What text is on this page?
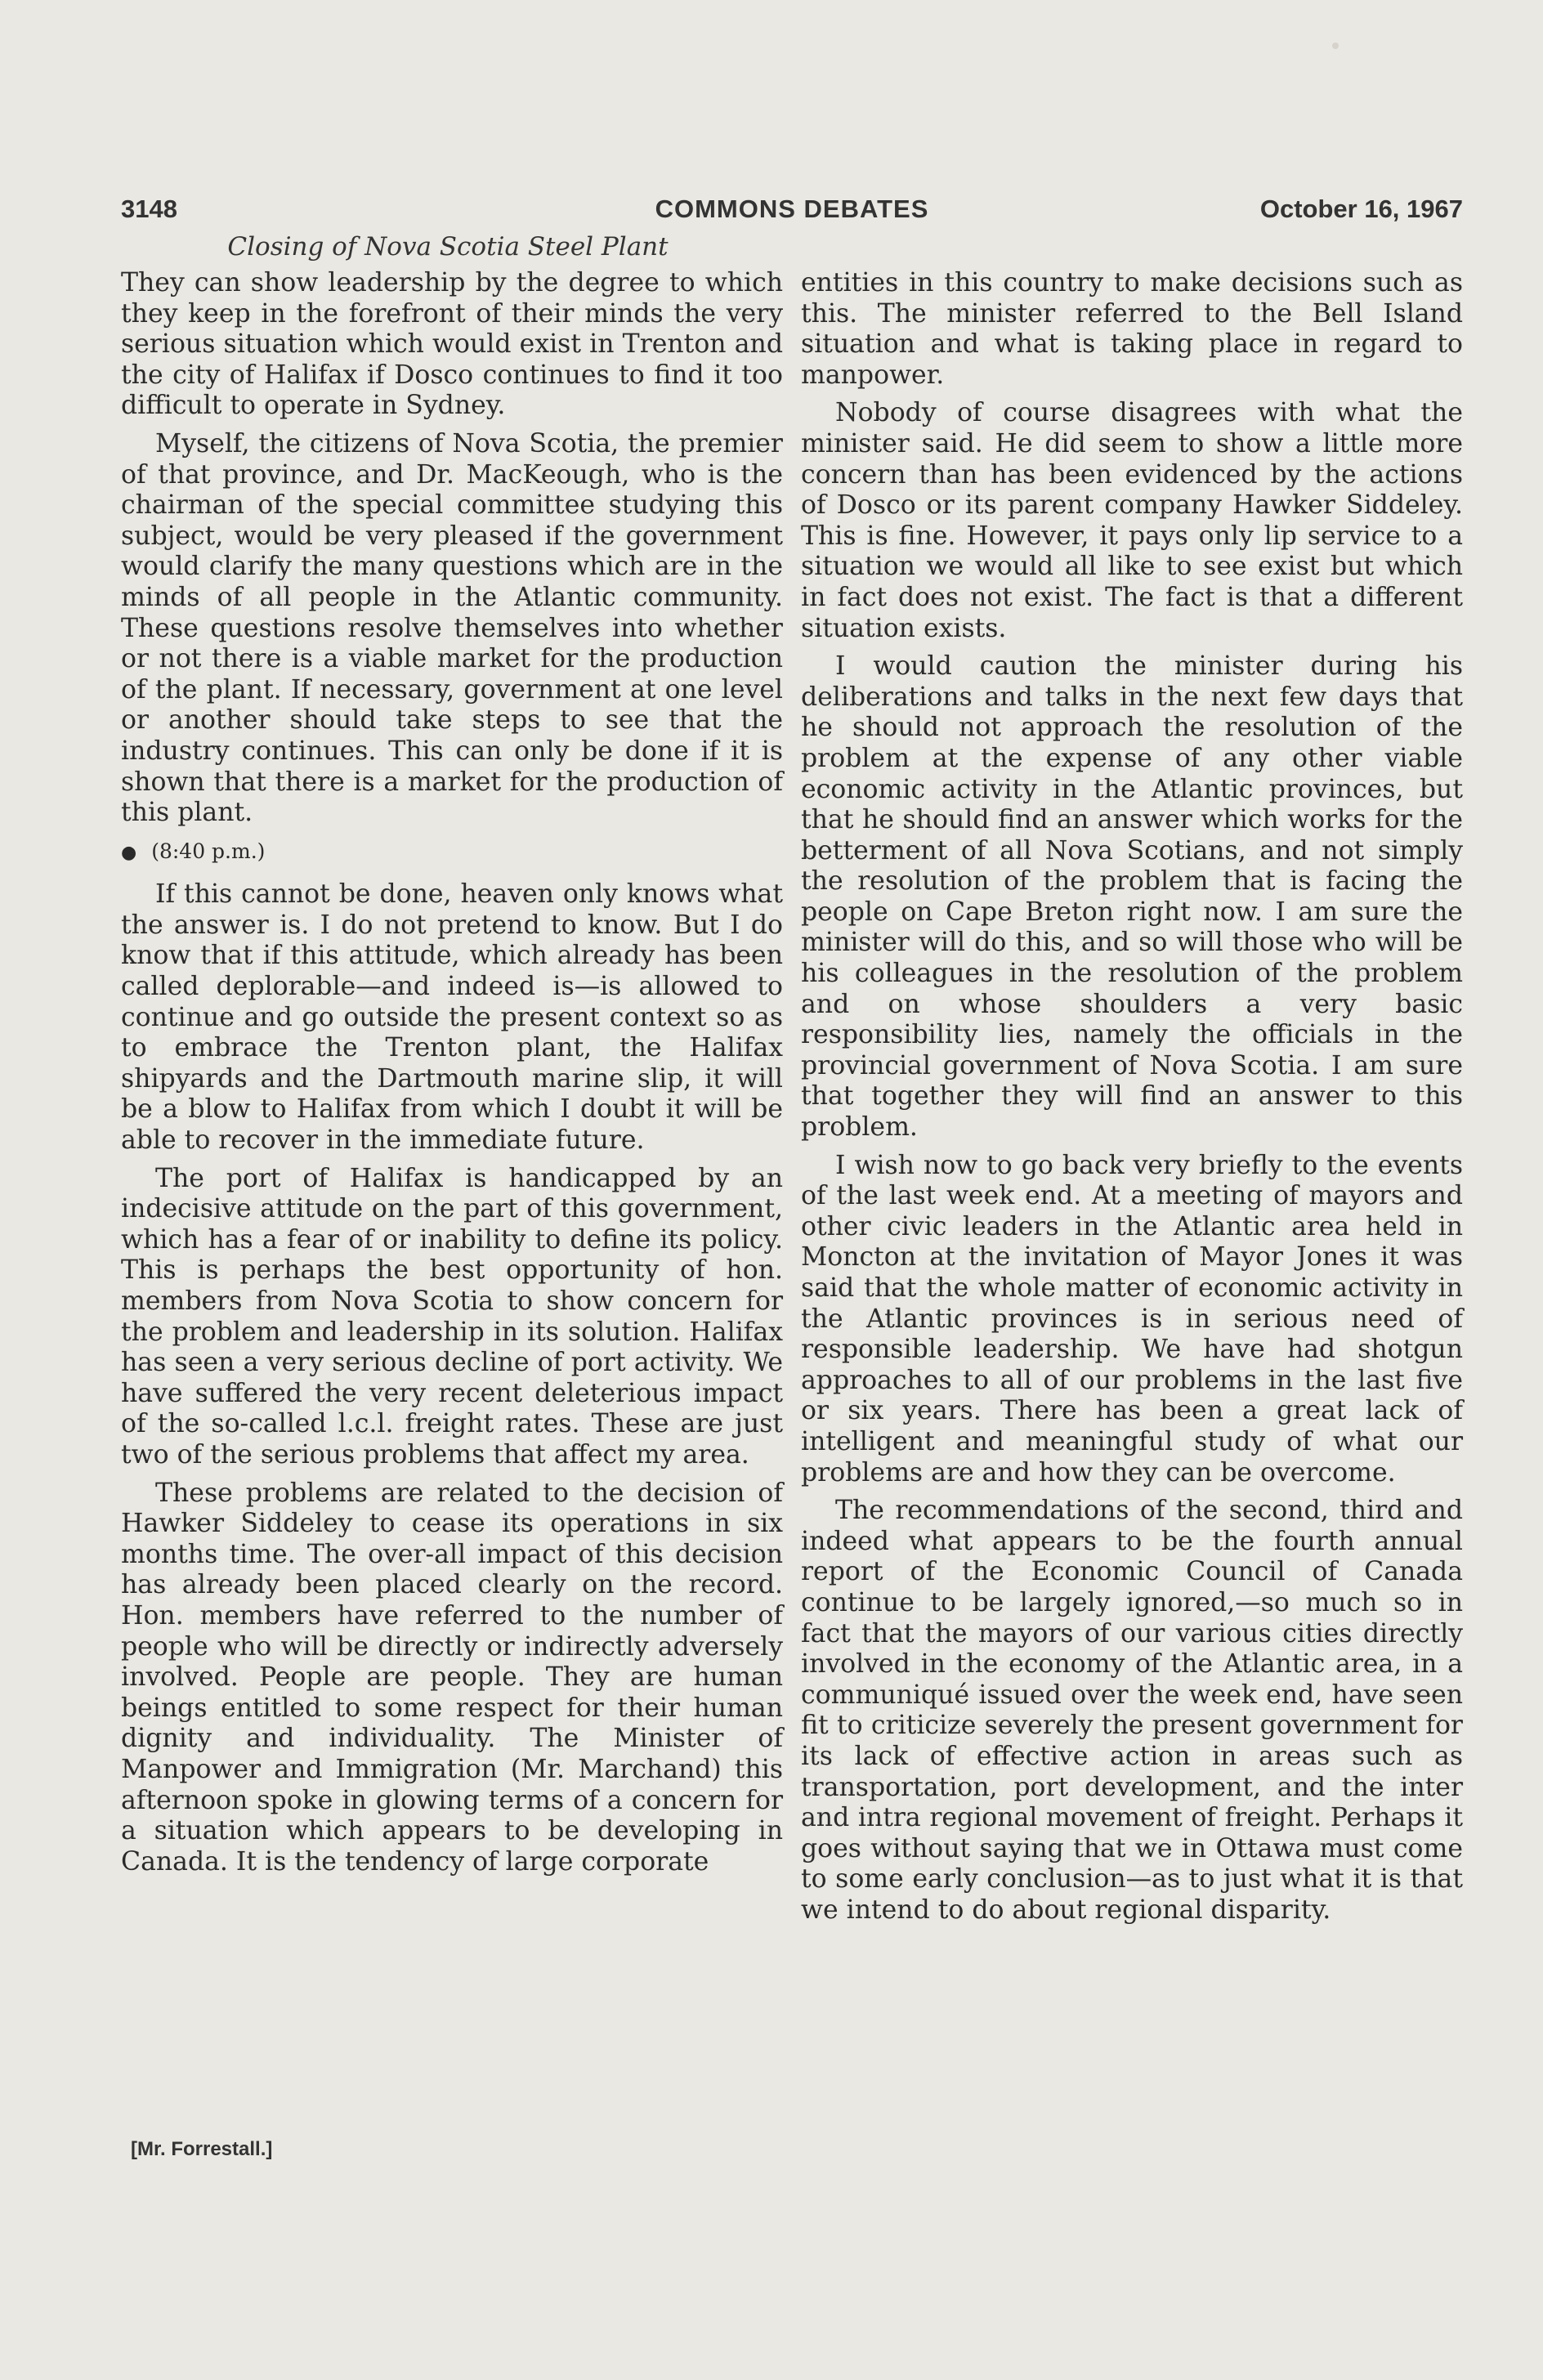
3148	COMMONS DEBATES	October 16, 1967
Closing of Nova Scotia Steel Plant

They can show leadership by the degree to which they keep in the forefront of their minds the very serious situation which would exist in Trenton and the city of Halifax if Dosco continues to find it too difficult to operate in Sydney.

Myself, the citizens of Nova Scotia, the premier of that province, and Dr. MacKeough, who is the chairman of the special committee studying this subject, would be very pleased if the government would clarify the many questions which are in the minds of all people in the Atlantic community. These questions resolve themselves into whether or not there is a viable market for the production of the plant. If necessary, government at one level or another should take steps to see that the industry continues. This can only be done if it is shown that there is a market for the production of this plant.

● (8:40 p.m.)

If this cannot be done, heaven only knows what the answer is. I do not pretend to know. But I do know that if this attitude, which already has been called deplorable—and indeed is—is allowed to continue and go outside the present context so as to embrace the Trenton plant, the Halifax shipyards and the Dartmouth marine slip, it will be a blow to Halifax from which I doubt it will be able to recover in the immediate future.

The port of Halifax is handicapped by an indecisive attitude on the part of this government, which has a fear of or inability to define its policy. This is perhaps the best opportunity of hon. members from Nova Scotia to show concern for the problem and leadership in its solution. Halifax has seen a very serious decline of port activity. We have suffered the very recent deleterious impact of the so-called l.c.l. freight rates. These are just two of the serious problems that affect my area.

These problems are related to the decision of Hawker Siddeley to cease its operations in six months time. The over-all impact of this decision has already been placed clearly on the record. Hon. members have referred to the number of people who will be directly or indirectly adversely involved. People are people. They are human beings entitled to some respect for their human dignity and individuality. The Minister of Manpower and Immigration (Mr. Marchand) this afternoon spoke in glowing terms of a concern for a situation which appears to be developing in Canada. It is the tendency of large corporate

entities in this country to make decisions such as this. The minister referred to the Bell Island situation and what is taking place in regard to manpower.

Nobody of course disagrees with what the minister said. He did seem to show a little more concern than has been evidenced by the actions of Dosco or its parent company Hawker Siddeley. This is fine. However, it pays only lip service to a situation we would all like to see exist but which in fact does not exist. The fact is that a different situation exists.

I would caution the minister during his deliberations and talks in the next few days that he should not approach the resolution of the problem at the expense of any other viable economic activity in the Atlantic provinces, but that he should find an answer which works for the betterment of all Nova Scotians, and not simply the resolution of the problem that is facing the people on Cape Breton right now. I am sure the minister will do this, and so will those who will be his colleagues in the resolution of the problem and on whose shoulders a very basic responsibility lies, namely the officials in the provincial government of Nova Scotia. I am sure that together they will find an answer to this problem.

I wish now to go back very briefly to the events of the last week end. At a meeting of mayors and other civic leaders in the Atlantic area held in Moncton at the invitation of Mayor Jones it was said that the whole matter of economic activity in the Atlantic provinces is in serious need of responsible leadership. We have had shotgun approaches to all of our problems in the last five or six years. There has been a great lack of intelligent and meaningful study of what our problems are and how they can be overcome.

The recommendations of the second, third and indeed what appears to be the fourth annual report of the Economic Council of Canada continue to be largely ignored,—so much so in fact that the mayors of our various cities directly involved in the economy of the Atlantic area, in a communiqué issued over the week end, have seen fit to criticize severely the present government for its lack of effective action in areas such as transportation, port development, and the inter and intra regional movement of freight. Perhaps it goes without saying that we in Ottawa must come to some early conclusion—as to just what it is that we intend to do about regional disparity.

[Mr. Forrestall.]
